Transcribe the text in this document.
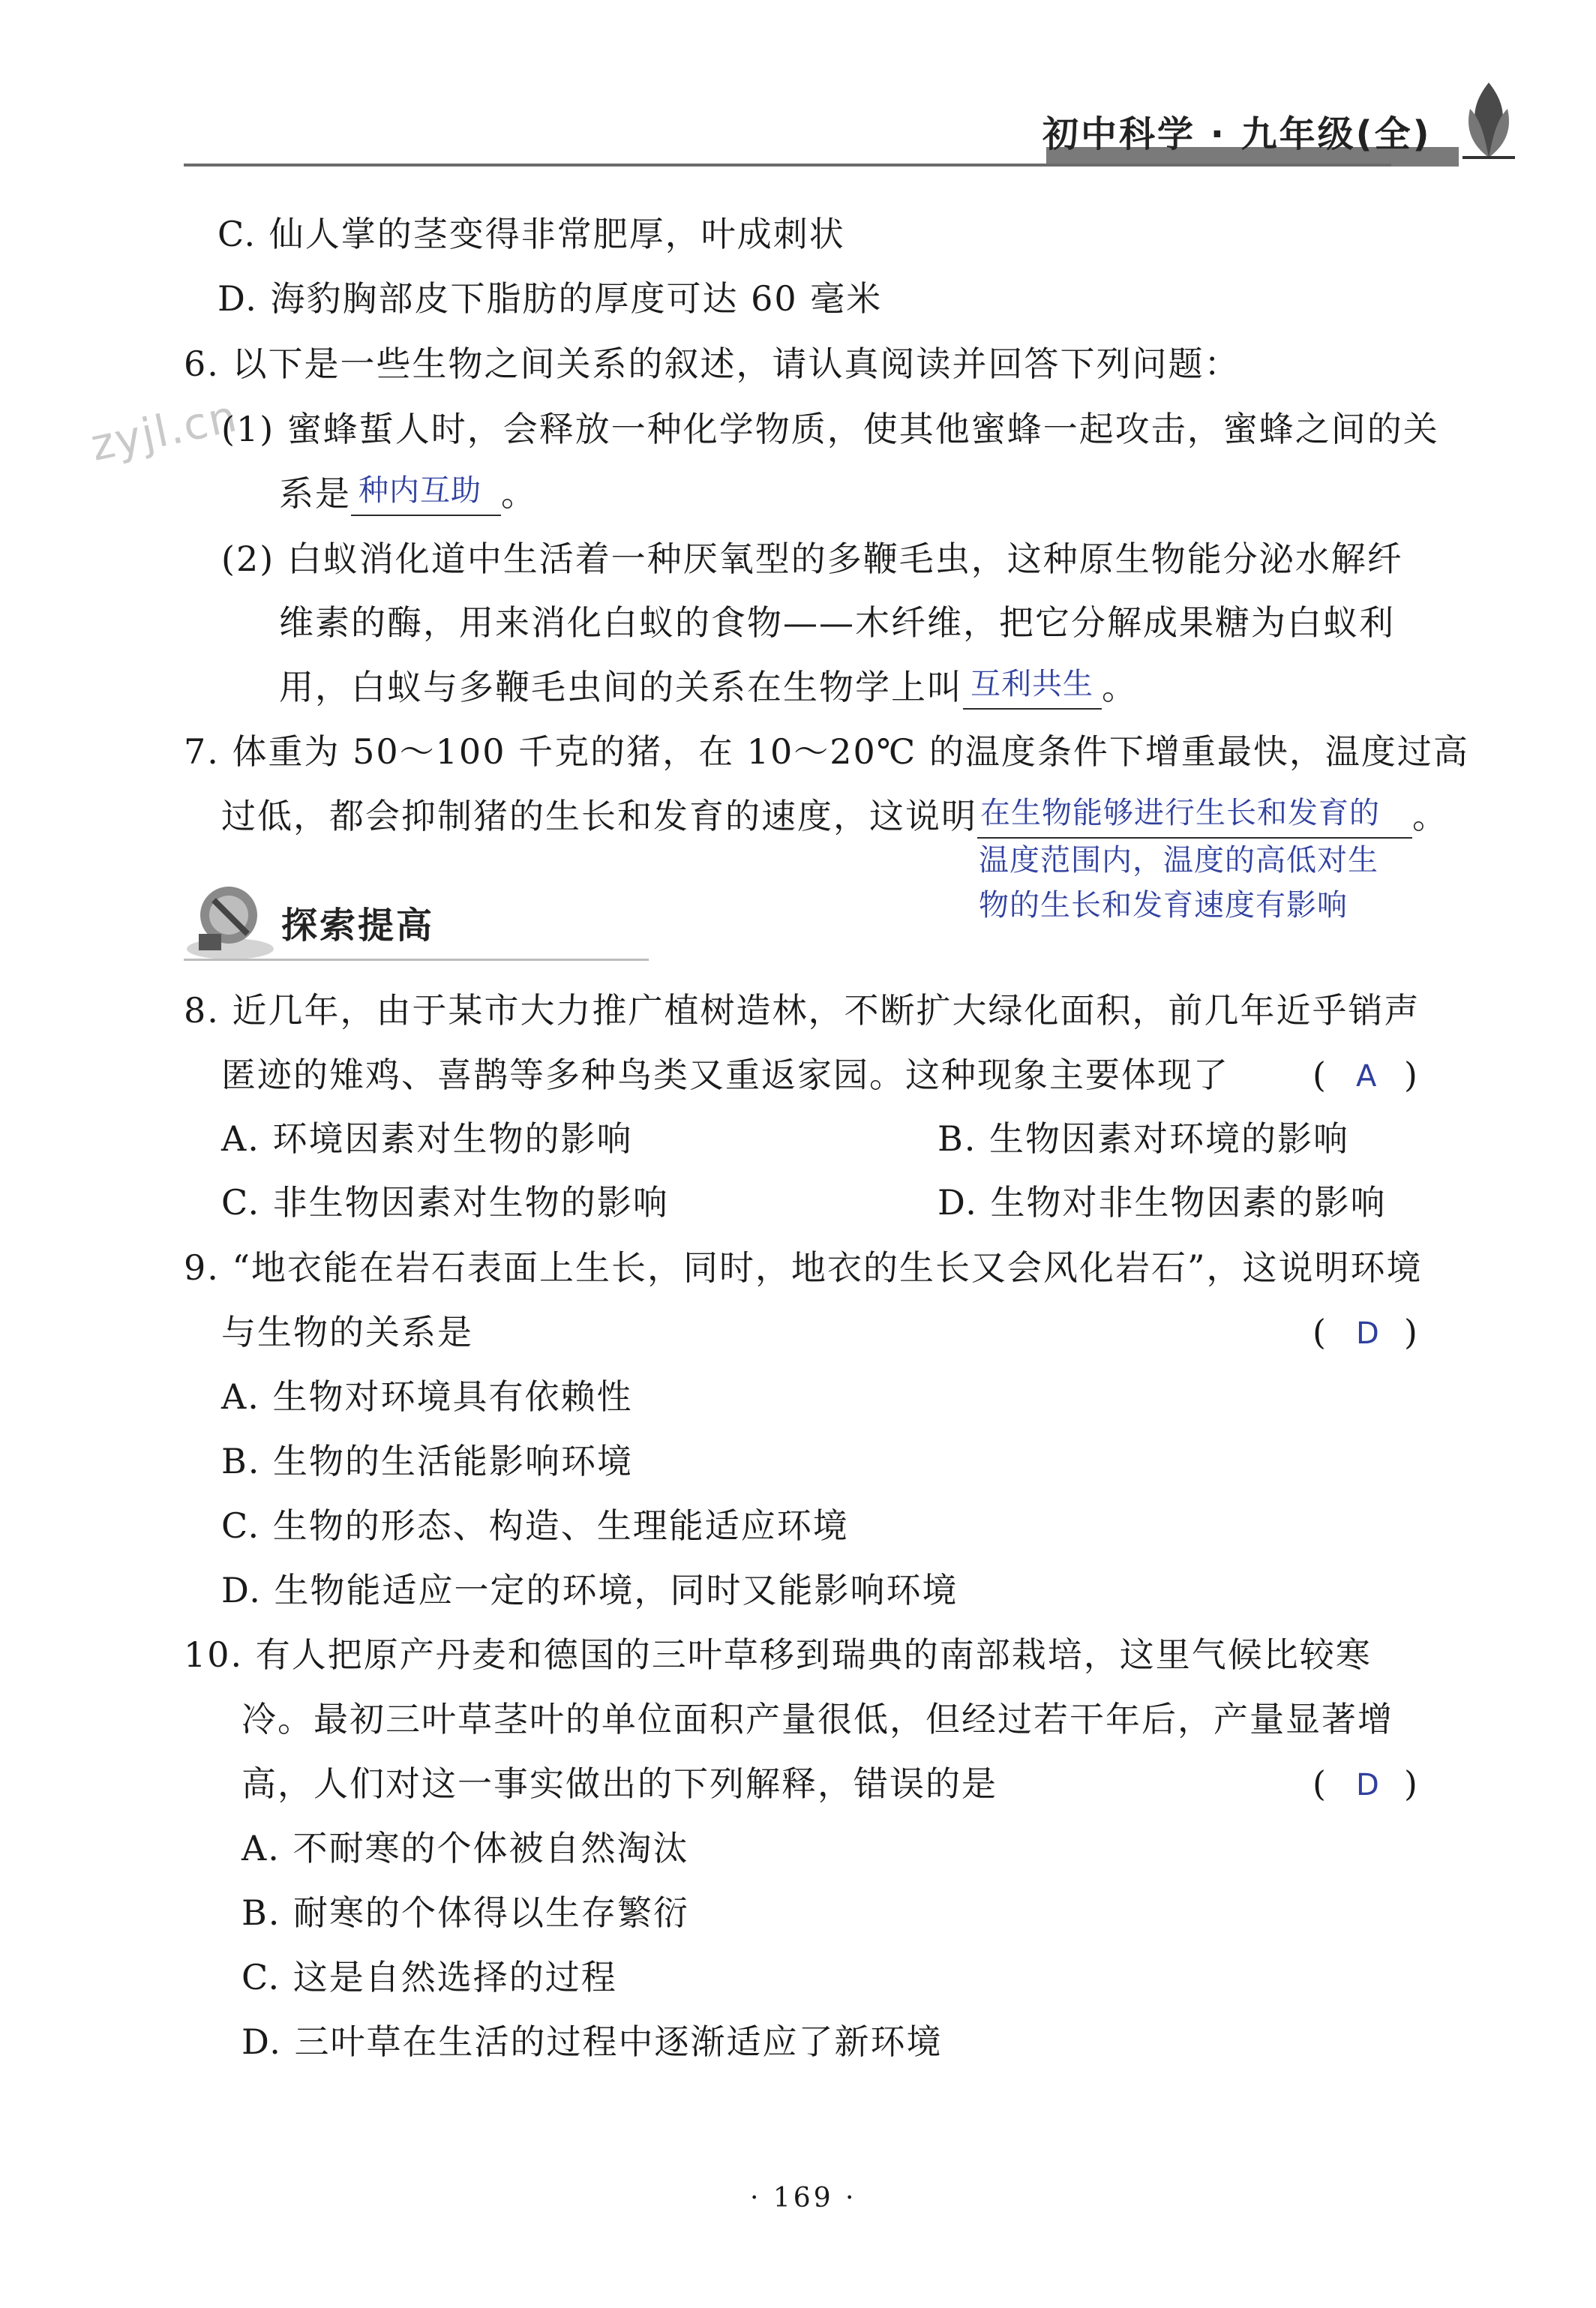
初中科学 · 九年级(全)
zyjl.cn
C. 仙人掌的茎变得非常肥厚，叶成刺状
D. 海豹胸部皮下脂肪的厚度可达 60 毫米
6. 以下是一些生物之间关系的叙述，请认真阅读并回答下列问题：
(1) 蜜蜂蜇人时，会释放一种化学物质，使其他蜜蜂一起攻击，蜜蜂之间的关
系是 种内互助 。
(2) 白蚁消化道中生活着一种厌氧型的多鞭毛虫，这种原生物能分泌水解纤
维素的酶，用来消化白蚁的食物——木纤维，把它分解成果糖为白蚁利
用，白蚁与多鞭毛虫间的关系在生物学上叫 互利共生 。
7. 体重为 50～100 千克的猪，在 10～20℃ 的温度条件下增重最快，温度过高
过低，都会抑制猪的生长和发育的速度，这说明 在生物能够进行生长和发育的 。
温度范围内，温度的高低对生
物的生长和发育速度有影响
探索提高
8. 近几年，由于某市大力推广植树造林，不断扩大绿化面积，前几年近乎销声
匿迹的雉鸡、喜鹊等多种鸟类又重返家园。这种现象主要体现了 ( A )
A. 环境因素对生物的影响	B. 生物因素对环境的影响
C. 非生物因素对生物的影响	D. 生物对非生物因素的影响
9. “地衣能在岩石表面上生长，同时，地衣的生长又会风化岩石”，这说明环境
与生物的关系是	( D )
A. 生物对环境具有依赖性
B. 生物的生活能影响环境
C. 生物的形态、构造、生理能适应环境
D. 生物能适应一定的环境，同时又能影响环境
10. 有人把原产丹麦和德国的三叶草移到瑞典的南部栽培，这里气候比较寒
冷。最初三叶草茎叶的单位面积产量很低，但经过若干年后，产量显著增
高，人们对这一事实做出的下列解释，错误的是	( D )
A. 不耐寒的个体被自然淘汰
B. 耐寒的个体得以生存繁衍
C. 这是自然选择的过程
D. 三叶草在生活的过程中逐渐适应了新环境
· 169 ·
